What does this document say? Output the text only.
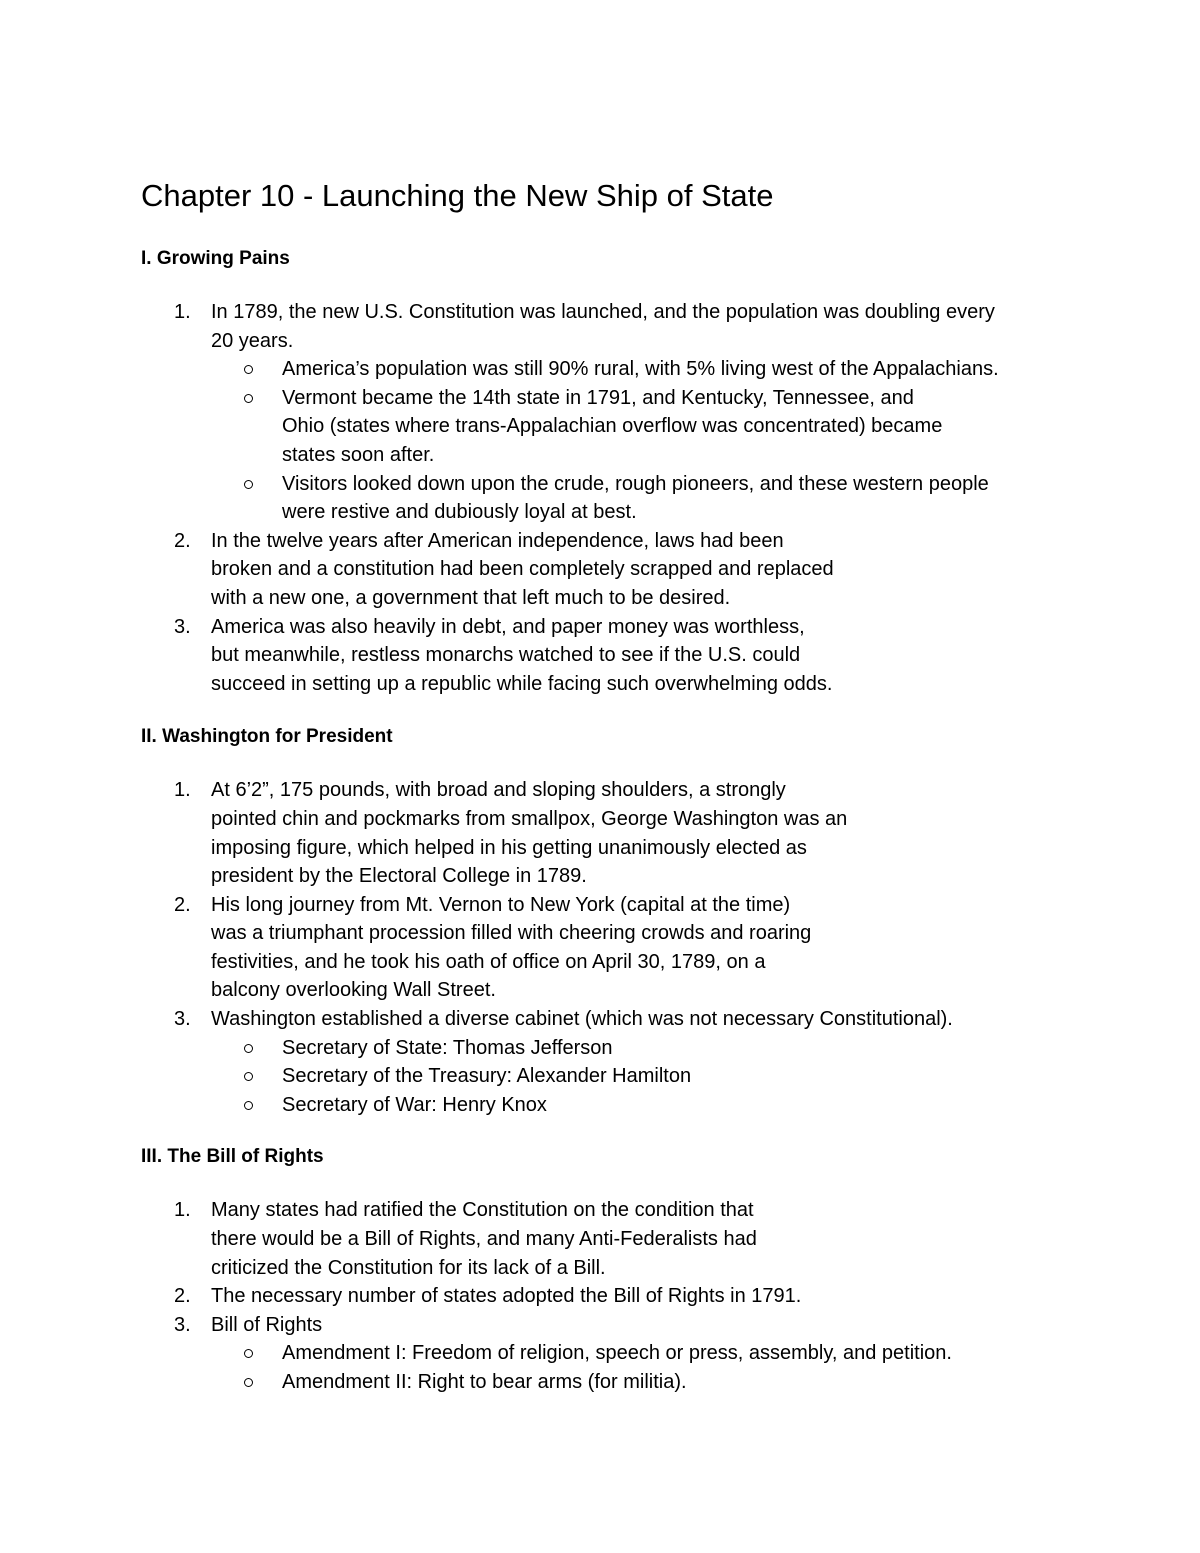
Chapter 10 - Launching the New Ship of State
I. Growing Pains
1. In 1789, the new U.S. Constitution was launched, and the population was doubling every
20 years.
America’s population was still 90% rural, with 5% living west of the Appalachians.
Vermont became the 14th state in 1791, and Kentucky, Tennessee, and
Ohio (states where trans-Appalachian overflow was concentrated) became
states soon after.
Visitors looked down upon the crude, rough pioneers, and these western people
were restive and dubiously loyal at best.
2. In the twelve years after American independence, laws had been
broken and a constitution had been completely scrapped and replaced
with a new one, a government that left much to be desired.
3. America was also heavily in debt, and paper money was worthless,
but meanwhile, restless monarchs watched to see if the U.S. could
succeed in setting up a republic while facing such overwhelming odds.
II. Washington for President
1. At 6’2”, 175 pounds, with broad and sloping shoulders, a strongly
pointed chin and pockmarks from smallpox, George Washington was an
imposing figure, which helped in his getting unanimously elected as
president by the Electoral College in 1789.
2. His long journey from Mt. Vernon to New York (capital at the time)
was a triumphant procession filled with cheering crowds and roaring
festivities, and he took his oath of office on April 30, 1789, on a
balcony overlooking Wall Street.
3. Washington established a diverse cabinet (which was not necessary Constitutional).
Secretary of State: Thomas Jefferson
Secretary of the Treasury: Alexander Hamilton
Secretary of War: Henry Knox
III. The Bill of Rights
1. Many states had ratified the Constitution on the condition that
there would be a Bill of Rights, and many Anti-Federalists had
criticized the Constitution for its lack of a Bill.
2. The necessary number of states adopted the Bill of Rights in 1791.
3. Bill of Rights
Amendment I: Freedom of religion, speech or press, assembly, and petition.
Amendment II: Right to bear arms (for militia).
